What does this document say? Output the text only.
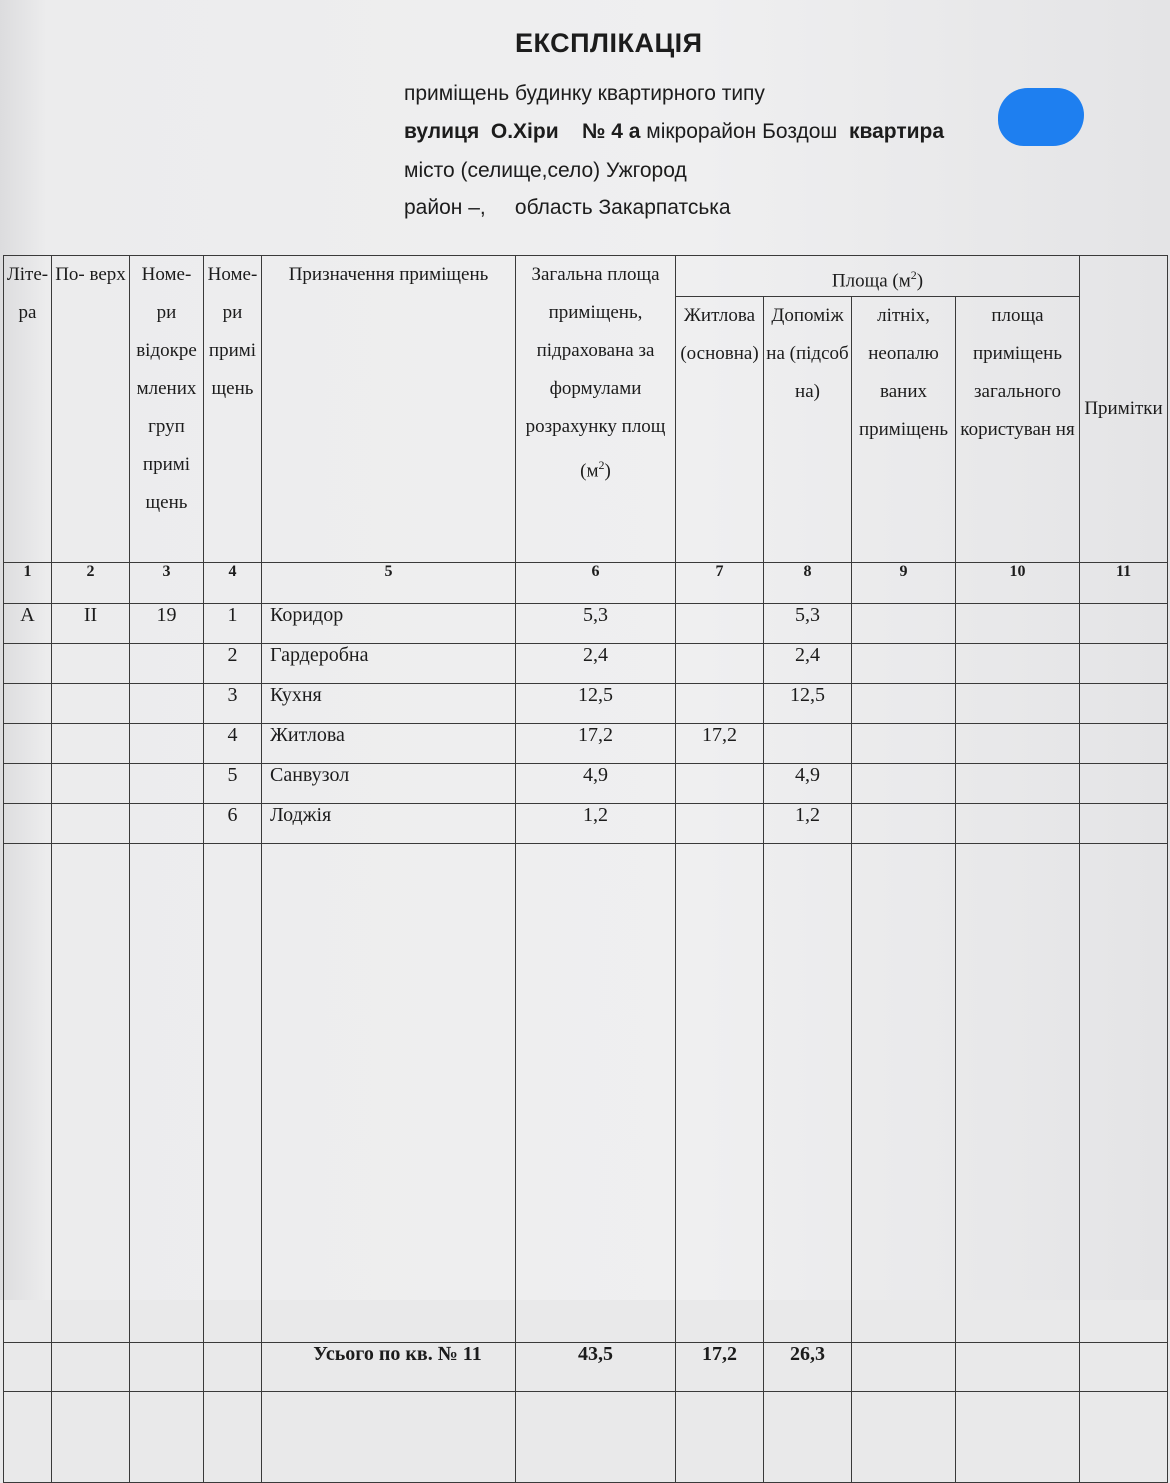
ЕКСПЛІКАЦІЯ
приміщень будинку квартирного типу
вулиця О.Хіри № 4 а мікрорайон Боздош квартира
місто (селище,село) Ужгород
район –, область Закарпатська
Літе- ра	По- верх	Номе- ри відокре млених груп примі щень	Номе- ри примі щень	Призначення приміщень	Загальна площа приміщень, підрахована за формулами розрахунку площ $(м^2)$	Площа $(м^2)$				Примітки
						Житлова (основна)	Допоміж на (підсоб на)	літніх, неопалю ваних приміщень	площа приміщень загального користуван ня	
1	2	3	4	5	6	7	8	9	10	11
А	ІІ	19	1	Коридор	5,3		5,3			
			2	Гардеробна	2,4		2,4			
			3	Кухня	12,5		12,5			
			4	Житлова	17,2	17,2				
			5	Санвузол	4,9		4,9			
			6	Лоджія	1,2		1,2			

				Усього по кв. № 11	43,5	17,2	26,3			
